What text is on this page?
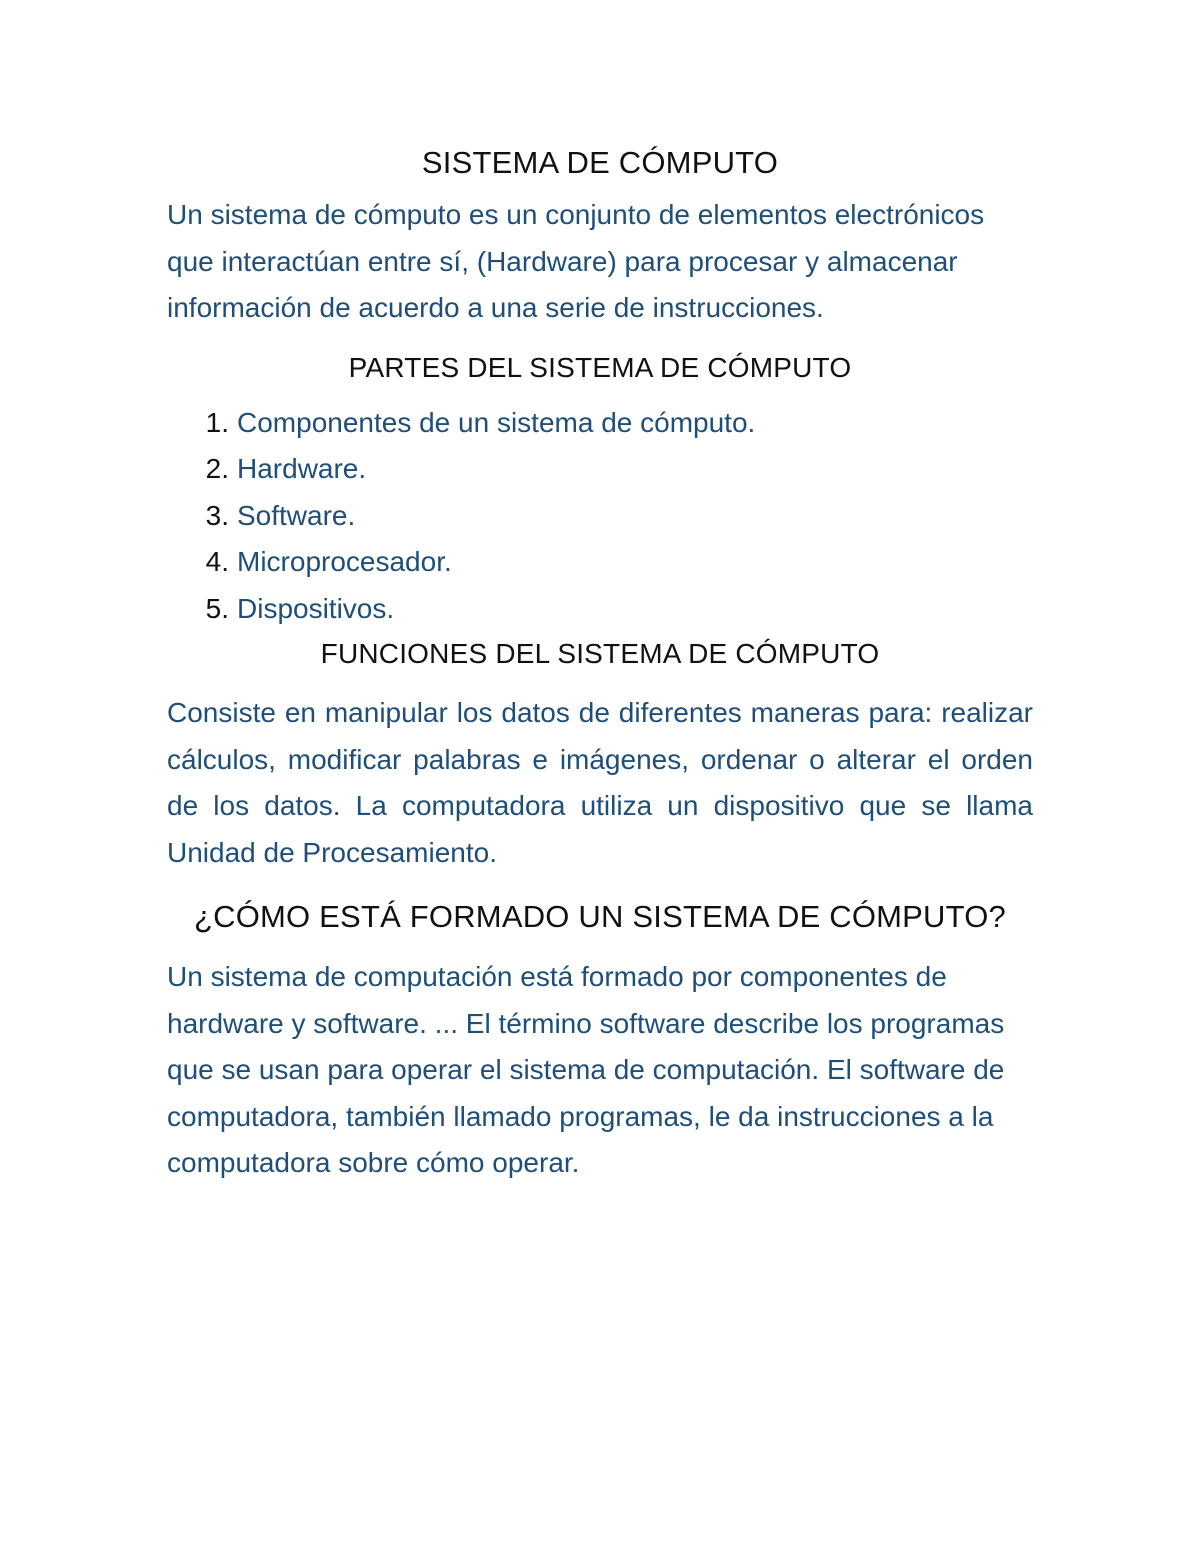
SISTEMA DE CÓMPUTO

Un sistema de cómputo es un conjunto de elementos electrónicos que interactúan entre sí, (Hardware) para procesar y almacenar información de acuerdo a una serie de instrucciones.

PARTES DEL SISTEMA DE CÓMPUTO
1. Componentes de un sistema de cómputo.
2. Hardware.
3. Software.
4. Microprocesador.
5. Dispositivos.
FUNCIONES DEL SISTEMA DE CÓMPUTO

Consiste en manipular los datos de diferentes maneras para: realizar cálculos, modificar palabras e imágenes, ordenar o alterar el orden de los datos. La computadora utiliza un dispositivo que se llama Unidad de Procesamiento.

¿CÓMO ESTÁ FORMADO UN SISTEMA DE CÓMPUTO?

Un sistema de computación está formado por componentes de hardware y software. ... El término software describe los programas que se usan para operar el sistema de computación. El software de computadora, también llamado programas, le da instrucciones a la computadora sobre cómo operar.
